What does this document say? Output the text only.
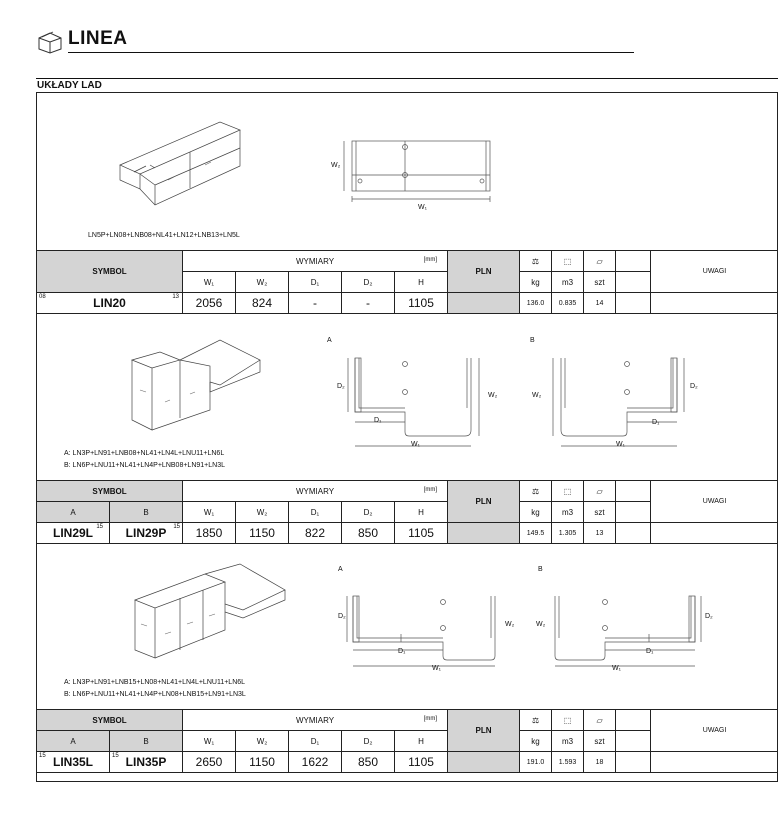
LINEA
UKŁADY LAD
W₂
W₁
LN5P+LN08+LNB08+NL41+LN12+LNB13+LN5L
SYMBOL	WYMIARY [mm]					PLN	⚖	⬚	▱		UWAGI
	W₁	W₂	D₁	D₂	H		kg	m3	szt		

08 LIN20 13	2056	824	-	-	1105		136.0	0.835	14		
A	B
D₂
D₁
W₁
W₂	W₂
D₂
D₁
W₁
A: LN3P+LN91+LNB08+NL41+LN4L+LNU11+LN6L
B: LN6P+LNU11+NL41+LN4P+LNB08+LN91+LN3L
SYMBOL		WYMIARY [mm]					PLN	⚖	⬚	▱		UWAGI
A	B	W₁	W₂	D₁	D₂	H		kg	m3	szt		
LIN29L 15	LIN29P 15	1850	1150	822	850	1105		149.5	1.305	13		
A	B
D₂
D₁
W₁
W₂	W₂
D₂
D₁
W₁
A: LN3P+LN91+LNB15+LN08+NL41+LN4L+LNU11+LN6L
B: LN6P+LNU11+NL41+LN4P+LN08+LNB15+LN91+LN3L
SYMBOL		WYMIARY [mm]					PLN	⚖	⬚	▱		UWAGI
A	B	W₁	W₂	D₁	D₂	H		kg	m3	szt		

15 LIN35L	15 LIN35P	2650	1150	1622	850	1105		191.0	1.593	18		
